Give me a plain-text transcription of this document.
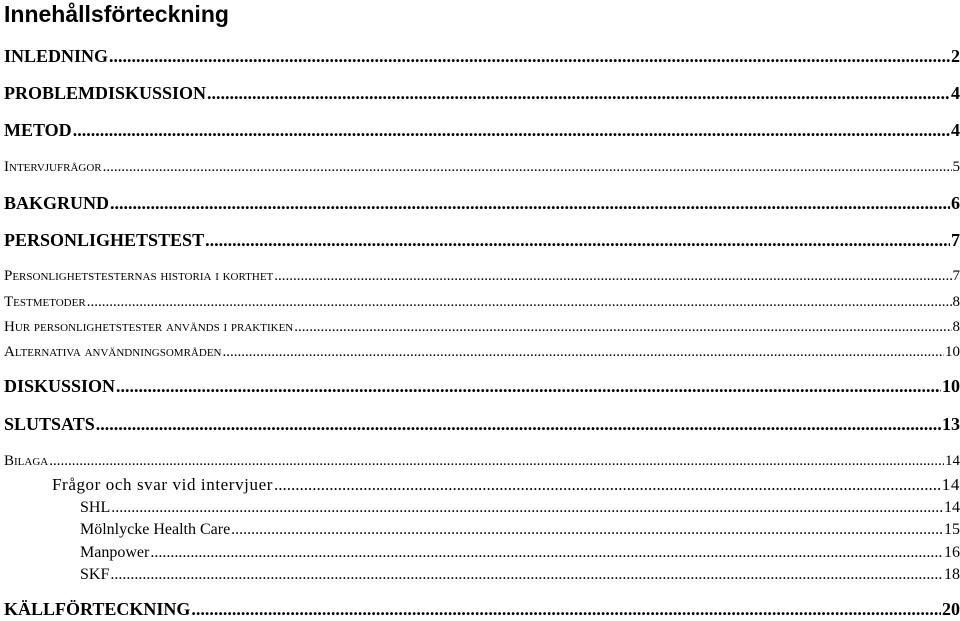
Innehållsförteckning
INLEDNING .....	2
PROBLEMDISKUSSION .....	4
METOD .....	4
Intervjufrågor .....	5
BAKGRUND .....	6
PERSONLIGHETSTEST .....	7
Personlighetstesternas historia i korthet .....	7
Testmetoder .....	8
Hur personlighetstester används i praktiken .....	8
Alternativa användningsområden .....	10
DISKUSSION .....	10
SLUTSATS .....	13
Bilaga .....	14
Frågor och svar vid intervjuer .....	14
SHL .....	14
Mölnlycke Health Care .....	15
Manpower .....	16
SKF .....	18
KÄLLFÖRTECKNING .....	20
